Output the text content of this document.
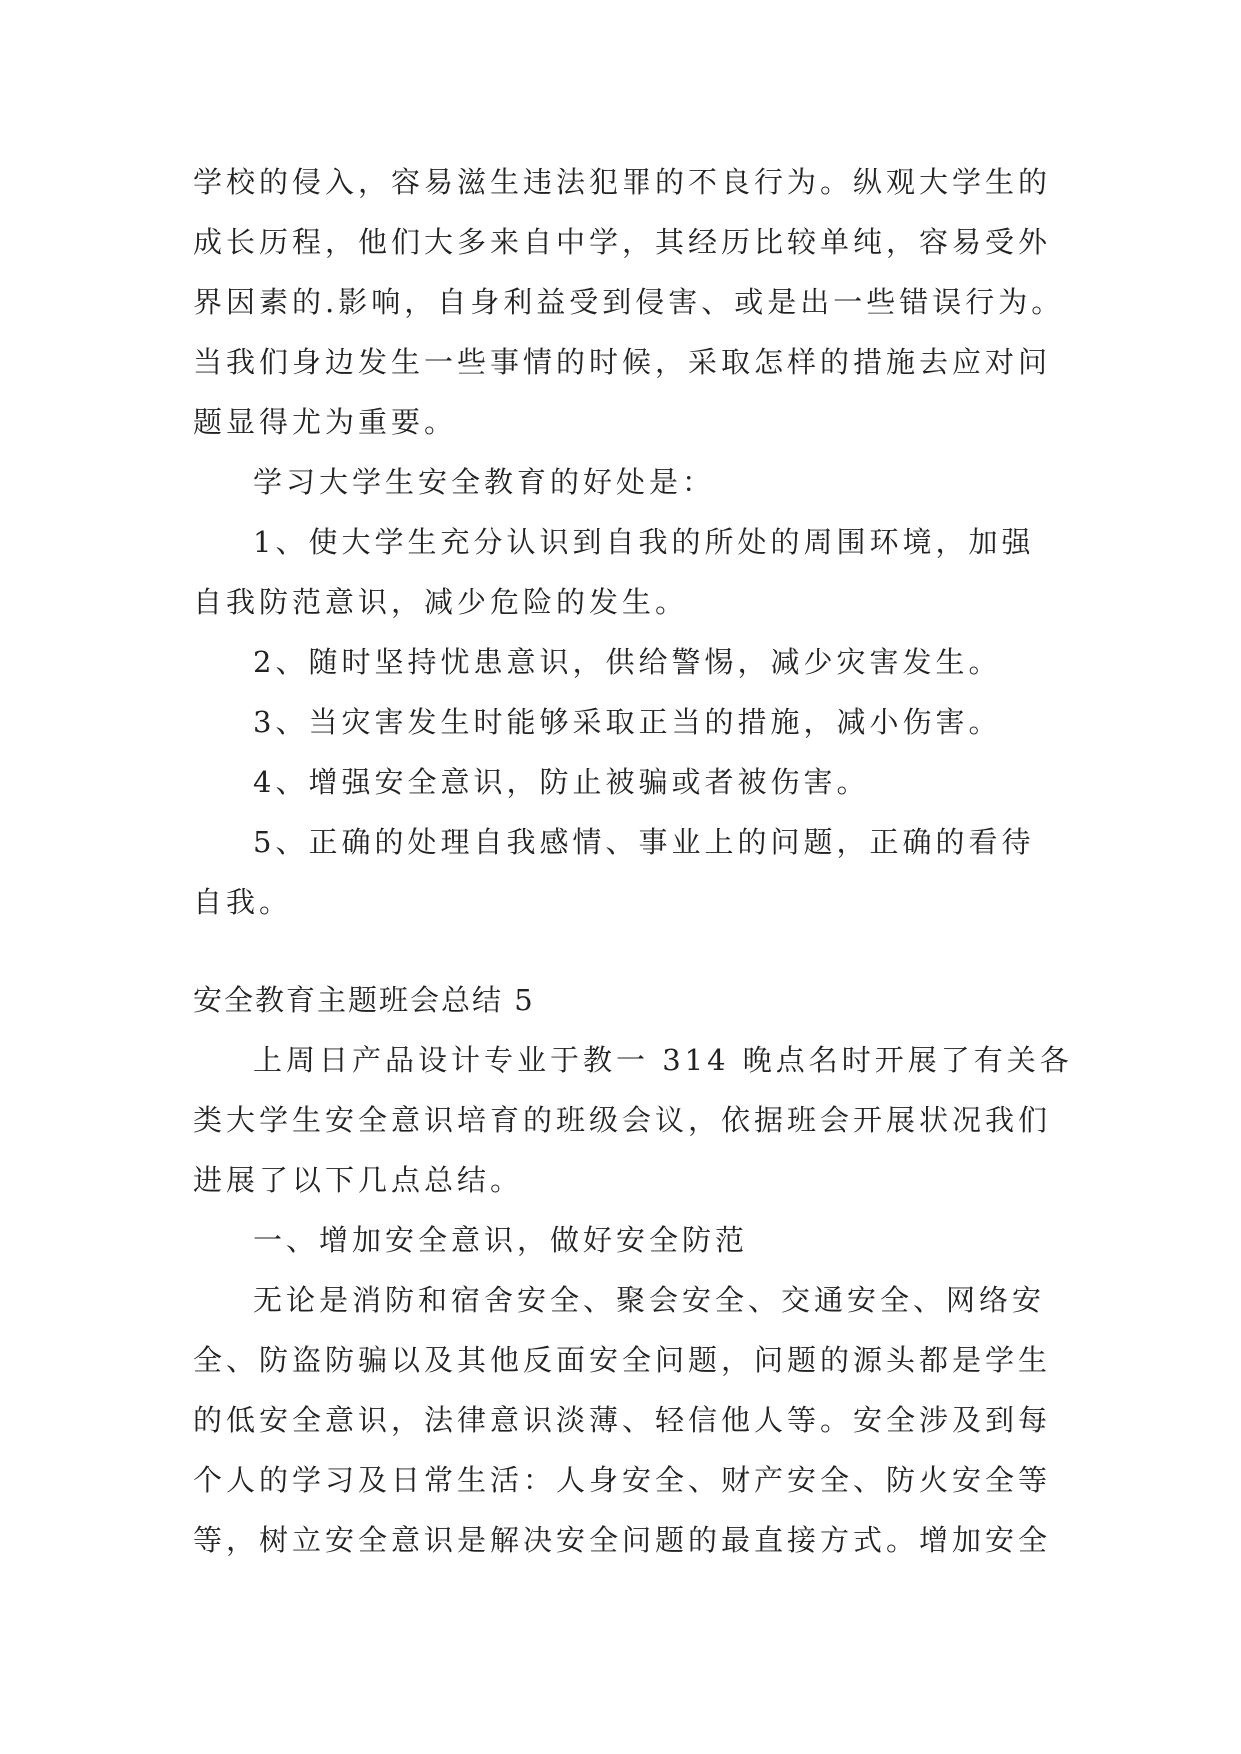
学校的侵入，容易滋生违法犯罪的不良行为。纵观大学生的
成长历程，他们大多来自中学，其经历比较单纯，容易受外
界因素的.影响，自身利益受到侵害、或是出一些错误行为。
当我们身边发生一些事情的时候，采取怎样的措施去应对问
题显得尤为重要。
学习大学生安全教育的好处是：
1、使大学生充分认识到自我的所处的周围环境，加强
自我防范意识，减少危险的发生。
2、随时坚持忧患意识，供给警惕，减少灾害发生。
3、当灾害发生时能够采取正当的措施，减小伤害。
4、增强安全意识，防止被骗或者被伤害。
5、正确的处理自我感情、事业上的问题，正确的看待
自我。
安全教育主题班会总结 5
上周日产品设计专业于教一 314 晚点名时开展了有关各
类大学生安全意识培育的班级会议，依据班会开展状况我们
进展了以下几点总结。
一、增加安全意识，做好安全防范
无论是消防和宿舍安全、聚会安全、交通安全、网络安
全、防盗防骗以及其他反面安全问题，问题的源头都是学生
的低安全意识，法律意识淡薄、轻信他人等。安全涉及到每
个人的学习及日常生活：人身安全、财产安全、防火安全等
等，树立安全意识是解决安全问题的最直接方式。增加安全
